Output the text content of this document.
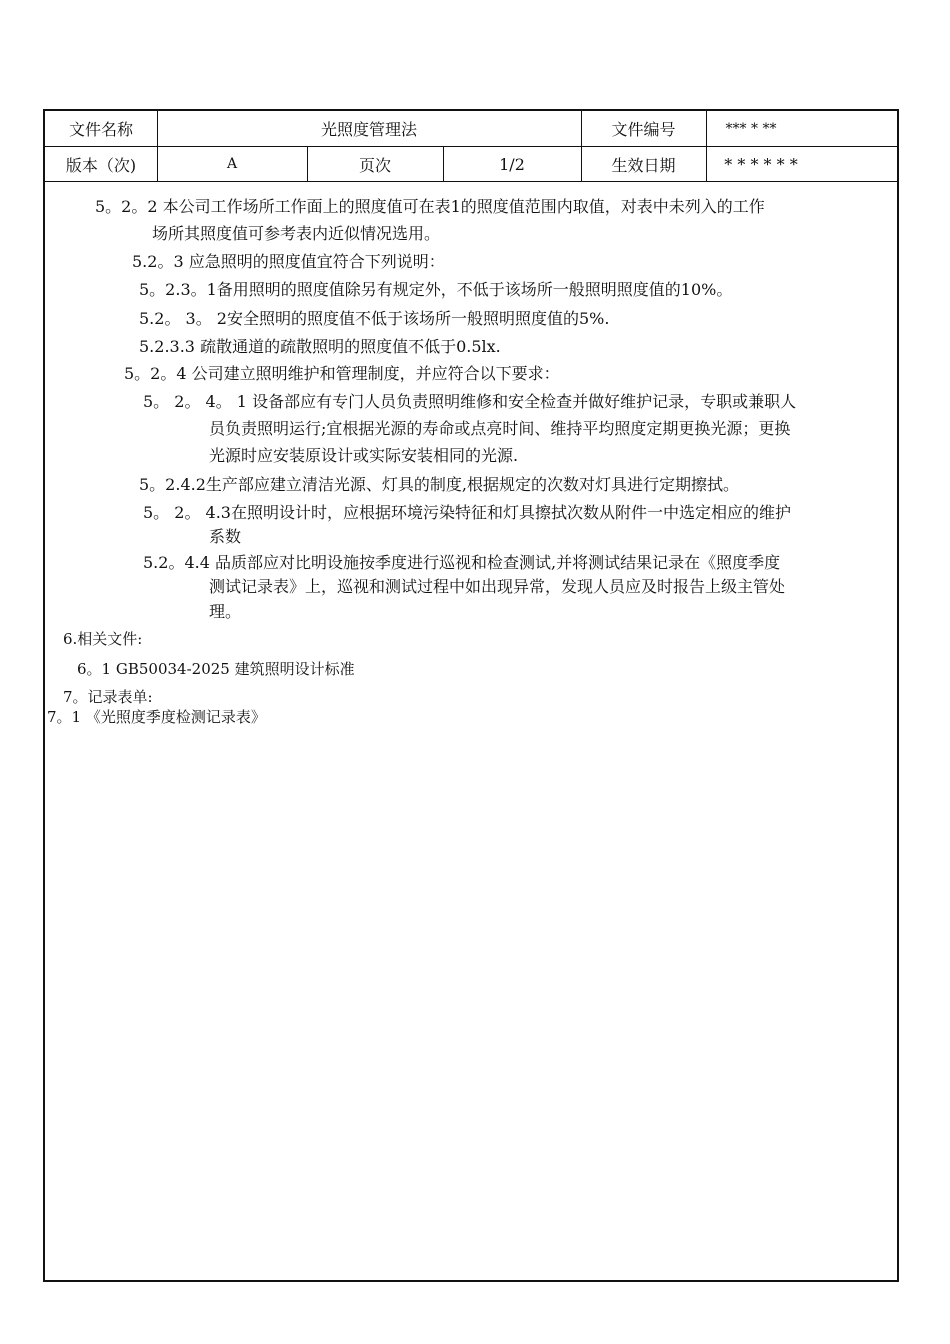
文件名称	光照度管理法	文件编号	*** * **
版本（次)	A	页次	1/2	生效日期	* * * * * *
5。2。2 本公司工作场所工作面上的照度值可在表1的照度值范围内取值，对表中未列入的工作
场所其照度值可参考表内近似情况选用。
5.2。3 应急照明的照度值宜符合下列说明：
5。2.3。1备用照明的照度值除另有规定外，不低于该场所一般照明照度值的10%。
5.2。 3。 2安全照明的照度值不低于该场所一般照明照度值的5%.
5.2.3.3 疏散通道的疏散照明的照度值不低于0.5lx.
5。2。4 公司建立照明维护和管理制度，并应符合以下要求：
5。 2。 4。 1 设备部应有专门人员负责照明维修和安全检查并做好维护记录，专职或兼职人
员负责照明运行;宜根据光源的寿命或点亮时间、维持平均照度定期更换光源；更换
光源时应安装原设计或实际安装相同的光源.
5。2.4.2生产部应建立清洁光源、灯具的制度,根据规定的次数对灯具进行定期擦拭。
5。 2。 4.3在照明设计时，应根据环境污染特征和灯具擦拭次数从附件一中选定相应的维护
系数
5.2。4.4 品质部应对比明设施按季度进行巡视和检查测试,并将测试结果记录在《照度季度
测试记录表》上，巡视和测试过程中如出现异常，发现人员应及时报告上级主管处
理。
6.相关文件:
6。1 GB50034-2025 建筑照明设计标准
7。记录表单:
7。1 《光照度季度检测记录表》
